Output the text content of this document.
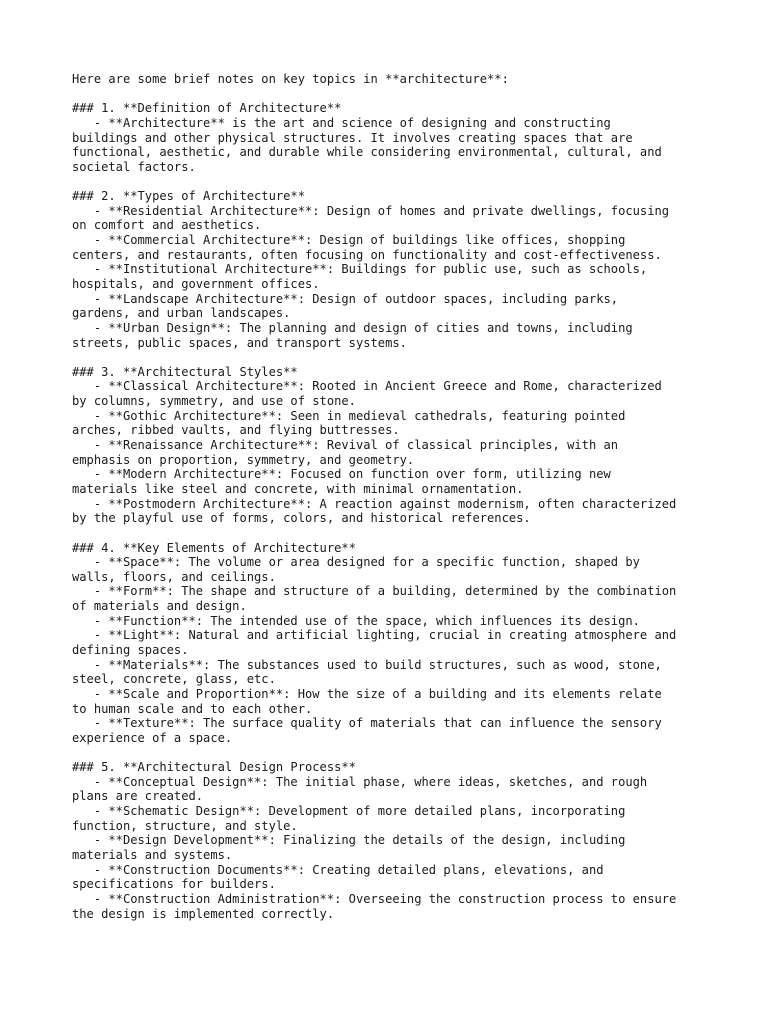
Here are some brief notes on key topics in **architecture**:
### 1. **Definition of Architecture**
- **Architecture** is the art and science of designing and constructing
buildings and other physical structures. It involves creating spaces that are
functional, aesthetic, and durable while considering environmental, cultural, and
societal factors.
### 2. **Types of Architecture**
- **Residential Architecture**: Design of homes and private dwellings, focusing
on comfort and aesthetics.
- **Commercial Architecture**: Design of buildings like offices, shopping
centers, and restaurants, often focusing on functionality and cost-effectiveness.
- **Institutional Architecture**: Buildings for public use, such as schools,
hospitals, and government offices.
- **Landscape Architecture**: Design of outdoor spaces, including parks,
gardens, and urban landscapes.
- **Urban Design**: The planning and design of cities and towns, including
streets, public spaces, and transport systems.
### 3. **Architectural Styles**
- **Classical Architecture**: Rooted in Ancient Greece and Rome, characterized
by columns, symmetry, and use of stone.
- **Gothic Architecture**: Seen in medieval cathedrals, featuring pointed
arches, ribbed vaults, and flying buttresses.
- **Renaissance Architecture**: Revival of classical principles, with an
emphasis on proportion, symmetry, and geometry.
- **Modern Architecture**: Focused on function over form, utilizing new
materials like steel and concrete, with minimal ornamentation.
- **Postmodern Architecture**: A reaction against modernism, often characterized
by the playful use of forms, colors, and historical references.
### 4. **Key Elements of Architecture**
- **Space**: The volume or area designed for a specific function, shaped by
walls, floors, and ceilings.
- **Form**: The shape and structure of a building, determined by the combination
of materials and design.
- **Function**: The intended use of the space, which influences its design.
- **Light**: Natural and artificial lighting, crucial in creating atmosphere and
defining spaces.
- **Materials**: The substances used to build structures, such as wood, stone,
steel, concrete, glass, etc.
- **Scale and Proportion**: How the size of a building and its elements relate
to human scale and to each other.
- **Texture**: The surface quality of materials that can influence the sensory
experience of a space.
### 5. **Architectural Design Process**
- **Conceptual Design**: The initial phase, where ideas, sketches, and rough
plans are created.
- **Schematic Design**: Development of more detailed plans, incorporating
function, structure, and style.
- **Design Development**: Finalizing the details of the design, including
materials and systems.
- **Construction Documents**: Creating detailed plans, elevations, and
specifications for builders.
- **Construction Administration**: Overseeing the construction process to ensure
the design is implemented correctly.
